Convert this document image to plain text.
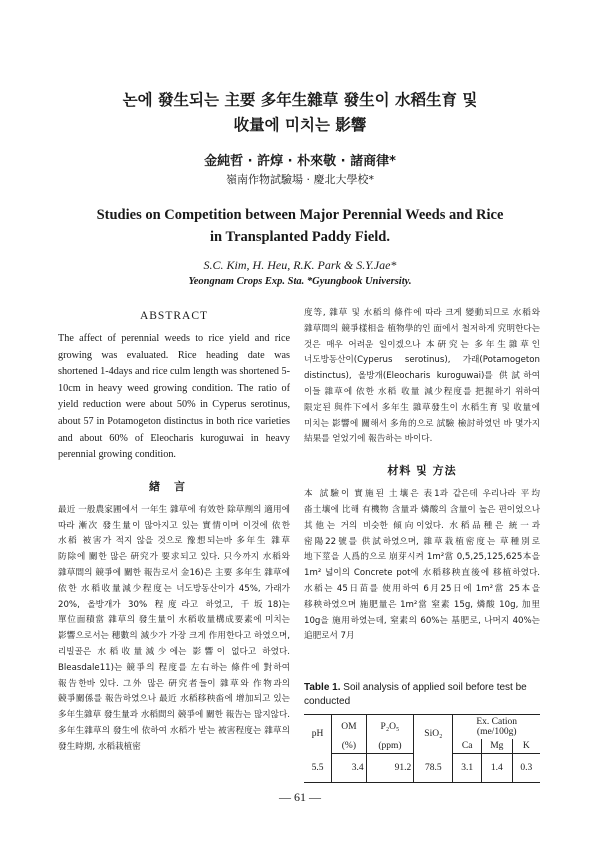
논에 發生되는 主要 多年生雜草 發生이 水稻生育 및
收量에 미치는 影響
金純哲 · 許焞 · 朴來敬 · 諸商律*
嶺南作物試驗場 · 慶北大學校*
Studies on Competition between Major Perennial Weeds and Rice
in Transplanted Paddy Field.
S.C. Kim, H. Heu, R.K. Park & S.Y.Jae*
Yeongnam Crops Exp. Sta. *Gyungbook University.
ABSTRACT

The affect of perennial weeds to rice yield and rice growing was evaluated. Rice heading date was shortened 1-4days and rice culm length was shortened 5-10cm in heavy weed growing condition. The ratio of yield reduction were about 50% in Cyperus serotinus, about 57 in Potamogeton distinctus in both rice varieties and about 60% of Eleocharis kuroguwai in heavy perennial growing condition.

緖言

最近 一般農家圃에서 一年生 雜草에 有效한 除草劑의 適用에 따라 漸次 發生量이 많아지고 있는 實情이며 이것에 依한 水稻 被害가 적지 않을 것으로 豫想되는바 多年生 雜草 防除에 關한 많은 硏究가 要求되고 있다. 只今까지 水稻와 雜草間의 競爭에 關한 報告로서 金16)은 主要 多年生 雜草에 依한 水稻收量減少程度는 너도방동산이가 45%, 가래가 20%, 올방개가 30% 程度라고 하였고, 千坂18)는 單位面積當 雜草의 發生量이 水稻收量構成要素에 미치는 影響으로서는 穗數의 減少가 가장 크게 作用한다고 하였으며, 리빌골은 水稻收量減少에는 影響이 없다고 하였다. Bleasdale11)는 競爭의 程度를 左右하는 條件에 對하여 報告한바 있다. 그外 많은 硏究者들이 雜草와 作物과의 競爭關係를 報告하였으나 最近 水稻移秧畓에 增加되고 있는 多年生雜草 發生量과 水稻間의 競爭에 關한 報告는 많지않다. 多年生雜草의 發生에 依하여 水稻가 받는 被害程度는 雜草의 發生時期, 水稻栽植密

度等, 雜草 및 水稻의 條件에 따라 크게 變動되므로 水稻와 雜草間의 競爭樣相을 植物學的인 面에서 철저하게 究明한다는 것은 매우 어려운 일이겠으나 本硏究는 多年生雜草인 너도방동산이(Cyperus serotinus), 가래(Potamogeton distinctus), 올방개(Eleocharis kuroguwai)를 供試하여 이들 雜草에 依한 水稻 收量 減少程度를 把握하기 위하여 限定된 與件下에서 多年生 雜草發生이 水稻生育 및 收量에 미치는 影響에 關해서 多角的으로 試驗 檢討하였던 바 몇가지 結果를 얻었기에 報告하는 바이다.

材料 및 方法

本 試驗이 實施된 土壤은 表1과 같은데 우리나라 平均 畓土壤에 比해 有機物 含量과 燐酸의 含量이 높은 편이었으나 其他는 거의 비슷한 傾向이었다. 水稻品種은 統一과 密陽22號를 供試하였으며, 雜草栽植密度는 草種別로 地下莖을 人爲的으로 崩芽시켜 1m²當 0,5,25,125,625本을 1m² 넓이의 Concrete pot에 水稻移秧直後에 移植하였다. 水稻는 45日苗를 使用하여 6月25日에 1m²當 25本을 移秧하였으며 施肥量은 1m²當 窒素 15g, 燐酸 10g, 加里 10g을 施用하였는데, 窒素의 60%는 基肥로, 나머지 40%는 追肥로서 7月

Table 1. Soil analysis of applied soil before test be conducted
pH	OM	P₂O₅	SiO₂	Ex. Cation
(me/100g)		

	(%)	(ppm)		Ca	Mg	K
5.5	3.4	91.2	78.5	3.1	1.4	0.3
— 61 —
